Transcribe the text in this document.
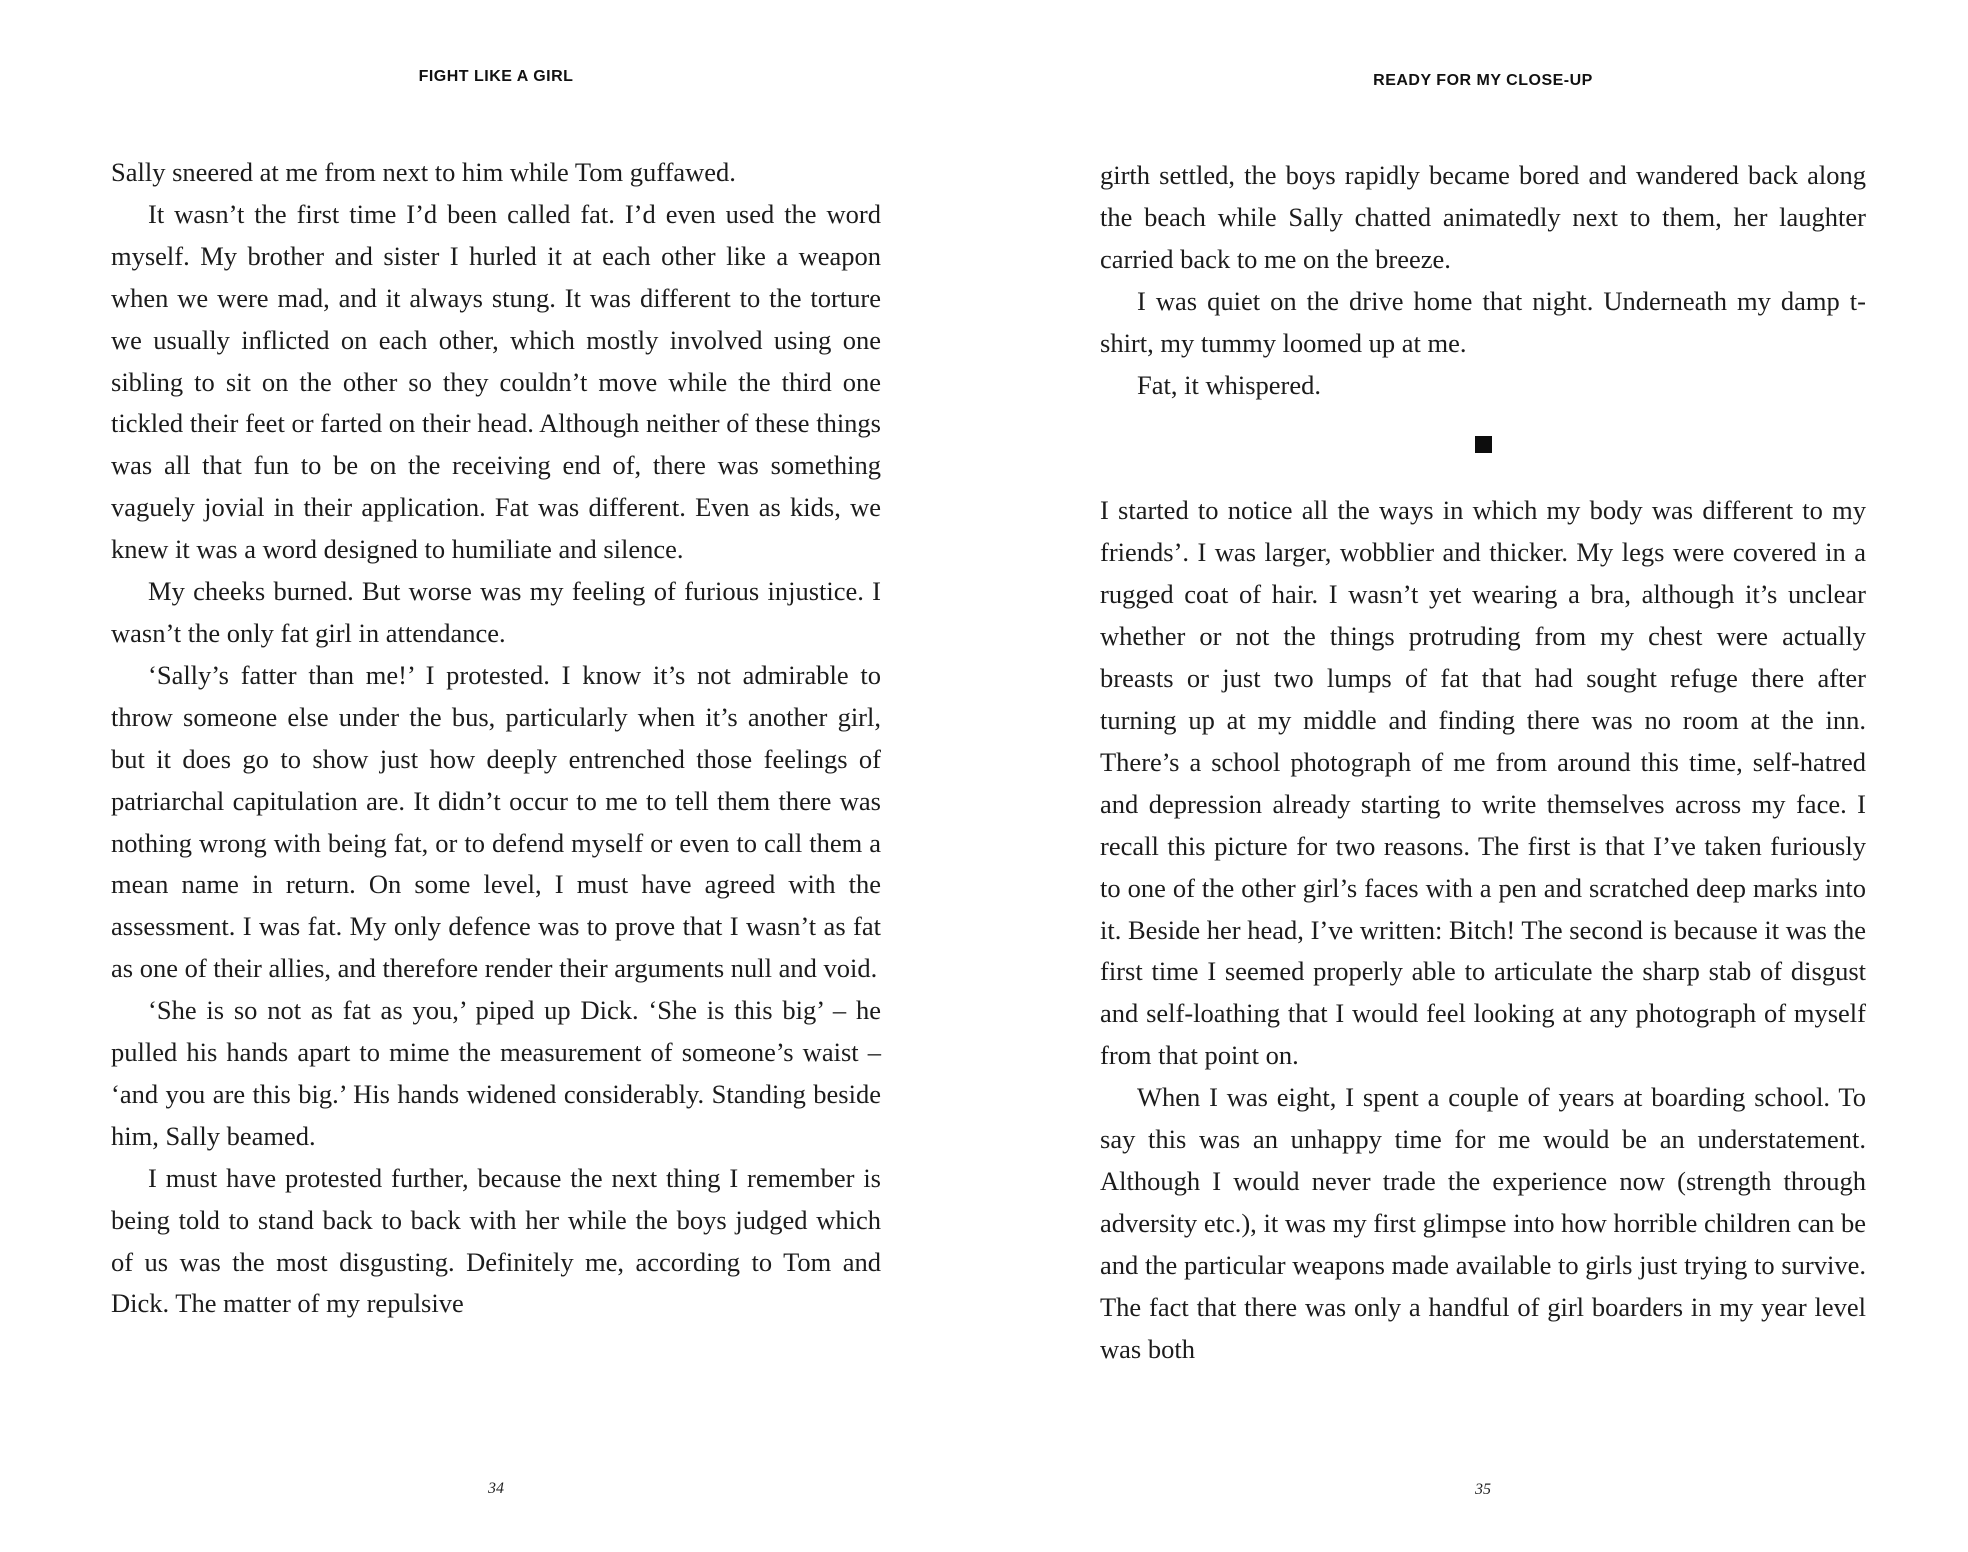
FIGHT LIKE A GIRL

Sally sneered at me from next to him while Tom guffawed.

It wasn’t the first time I’d been called fat. I’d even used the word myself. My brother and sister I hurled it at each other like a weapon when we were mad, and it always stung. It was different to the torture we usually inflicted on each other, which mostly involved using one sibling to sit on the other so they couldn’t move while the third one tickled their feet or farted on their head. Although neither of these things was all that fun to be on the receiving end of, there was something vaguely jovial in their application. Fat was different. Even as kids, we knew it was a word designed to humiliate and silence.

My cheeks burned. But worse was my feeling of furious injustice. I wasn’t the only fat girl in attendance.

‘Sally’s fatter than me!’ I protested. I know it’s not admirable to throw someone else under the bus, particularly when it’s another girl, but it does go to show just how deeply entrenched those feelings of patriarchal capitulation are. It didn’t occur to me to tell them there was nothing wrong with being fat, or to defend myself or even to call them a mean name in return. On some level, I must have agreed with the assessment. I was fat. My only defence was to prove that I wasn’t as fat as one of their allies, and therefore render their arguments null and void.

‘She is so not as fat as you,’ piped up Dick. ‘She is this big’ – he pulled his hands apart to mime the measurement of someone’s waist – ‘and you are this big.’ His hands widened considerably. Standing beside him, Sally beamed.

I must have protested further, because the next thing I remember is being told to stand back to back with her while the boys judged which of us was the most disgusting. Definitely me, according to Tom and Dick. The matter of my repulsive

34
READY FOR MY CLOSE-UP

girth settled, the boys rapidly became bored and wandered back along the beach while Sally chatted animatedly next to them, her laughter carried back to me on the breeze.

I was quiet on the drive home that night. Underneath my damp t-shirt, my tummy loomed up at me.

Fat, it whispered.

I started to notice all the ways in which my body was different to my friends’. I was larger, wobblier and thicker. My legs were covered in a rugged coat of hair. I wasn’t yet wearing a bra, although it’s unclear whether or not the things protruding from my chest were actually breasts or just two lumps of fat that had sought refuge there after turning up at my middle and finding there was no room at the inn. There’s a school photograph of me from around this time, self-hatred and depression already starting to write themselves across my face. I recall this picture for two reasons. The first is that I’ve taken furiously to one of the other girl’s faces with a pen and scratched deep marks into it. Beside her head, I’ve written: Bitch! The second is because it was the first time I seemed properly able to articulate the sharp stab of disgust and self-loathing that I would feel looking at any photograph of myself from that point on.

When I was eight, I spent a couple of years at boarding school. To say this was an unhappy time for me would be an understatement. Although I would never trade the experience now (strength through adversity etc.), it was my first glimpse into how horrible children can be and the particular weapons made available to girls just trying to survive. The fact that there was only a handful of girl boarders in my year level was both

35
